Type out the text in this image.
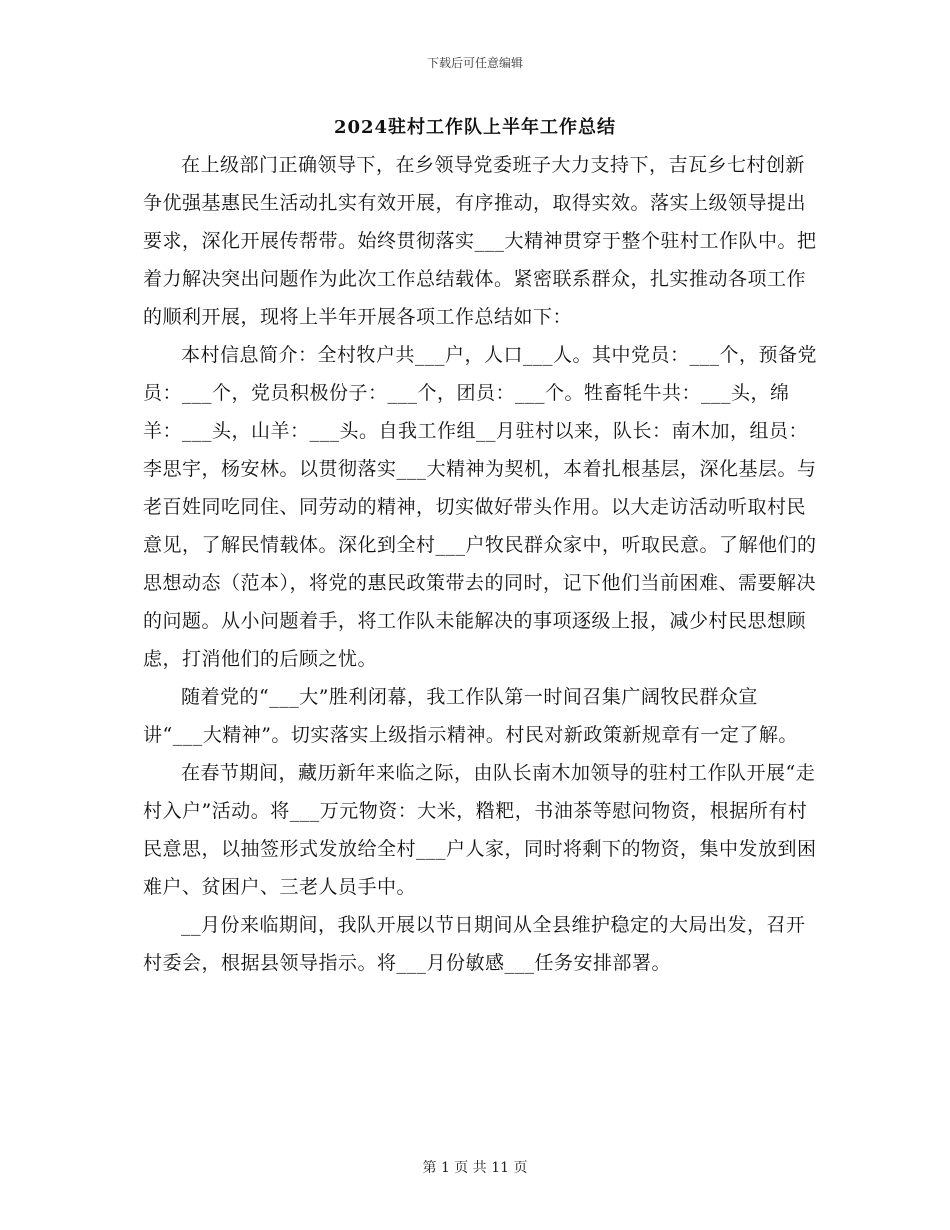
下载后可任意编辑
2024驻村工作队上半年工作总结

在上级部门正确领导下，在乡领导党委班子大力支持下，吉瓦乡七村创新争优强基惠民生活动扎实有效开展，有序推动，取得实效。落实上级领导提出要求，深化开展传帮带。始终贯彻落实___大精神贯穿于整个驻村工作队中。把着力解决突出问题作为此次工作总结载体。紧密联系群众，扎实推动各项工作的顺利开展，现将上半年开展各项工作总结如下：

本村信息简介：全村牧户共___户，人口___人。其中党员：___个，预备党员：___个，党员积极份子：___个，团员：___个。牲畜牦牛共：___头，绵羊：___头，山羊：___头。自我工作组__月驻村以来，队长：南木加，组员：李思宇，杨安林。以贯彻落实___大精神为契机，本着扎根基层，深化基层。与老百姓同吃同住、同劳动的精神，切实做好带头作用。以大走访活动听取村民意见，了解民情载体。深化到全村___户牧民群众家中，听取民意。了解他们的思想动态（范本），将党的惠民政策带去的同时，记下他们当前困难、需要解决的问题。从小问题着手，将工作队未能解决的事项逐级上报，减少村民思想顾虑，打消他们的后顾之忧。

随着党的“___大”胜利闭幕，我工作队第一时间召集广阔牧民群众宣讲“___大精神”。切实落实上级指示精神。村民对新政策新规章有一定了解。

在春节期间，藏历新年来临之际，由队长南木加领导的驻村工作队开展“走村入户”活动。将___万元物资：大米，糌粑，书油茶等慰问物资，根据所有村民意思，以抽签形式发放给全村___户人家，同时将剩下的物资，集中发放到困难户、贫困户、三老人员手中。

__月份来临期间，我队开展以节日期间从全县维护稳定的大局出发，召开村委会，根据县领导指示。将___月份敏感___任务安排部署。

第 1 页 共 11 页
